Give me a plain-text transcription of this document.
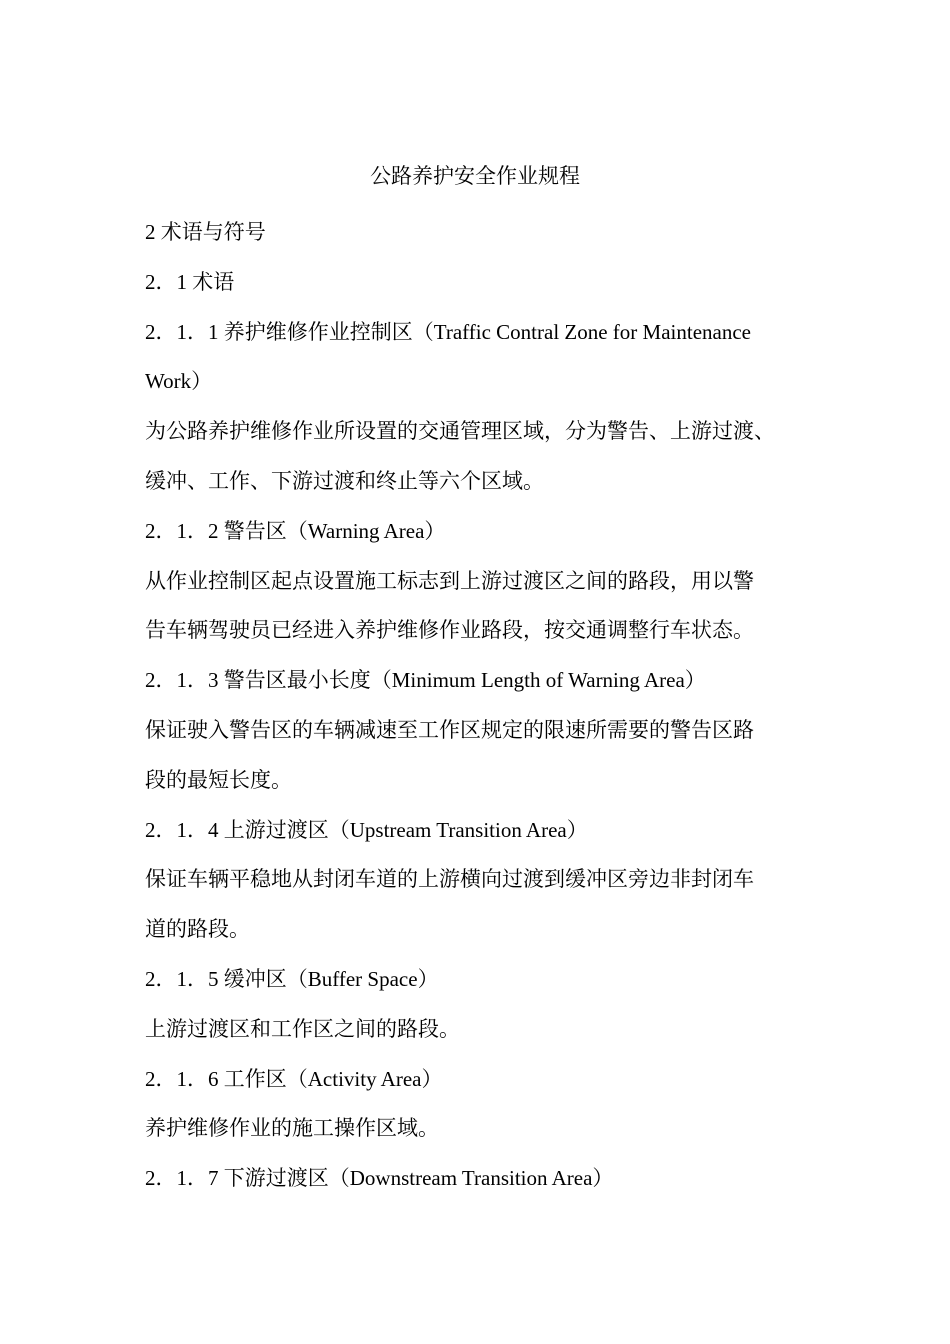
公路养护安全作业规程
2 术语与符号
2．1 术语
2．1．1 养护维修作业控制区（Traffic Contral Zone for Maintenance
Work）
为公路养护维修作业所设置的交通管理区域，分为警告、上游过渡、
缓冲、工作、下游过渡和终止等六个区域。
2．1．2 警告区（Warning Area）
从作业控制区起点设置施工标志到上游过渡区之间的路段，用以警
告车辆驾驶员已经进入养护维修作业路段，按交通调整行车状态。
2．1．3 警告区最小长度（Minimum Length of Warning Area）
保证驶入警告区的车辆减速至工作区规定的限速所需要的警告区路
段的最短长度。
2．1．4 上游过渡区（Upstream Transition Area）
保证车辆平稳地从封闭车道的上游横向过渡到缓冲区旁边非封闭车
道的路段。
2．1．5 缓冲区（Buffer Space）
上游过渡区和工作区之间的路段。
2．1．6 工作区（Activity Area）
养护维修作业的施工操作区域。
2．1．7 下游过渡区（Downstream Transition Area）
